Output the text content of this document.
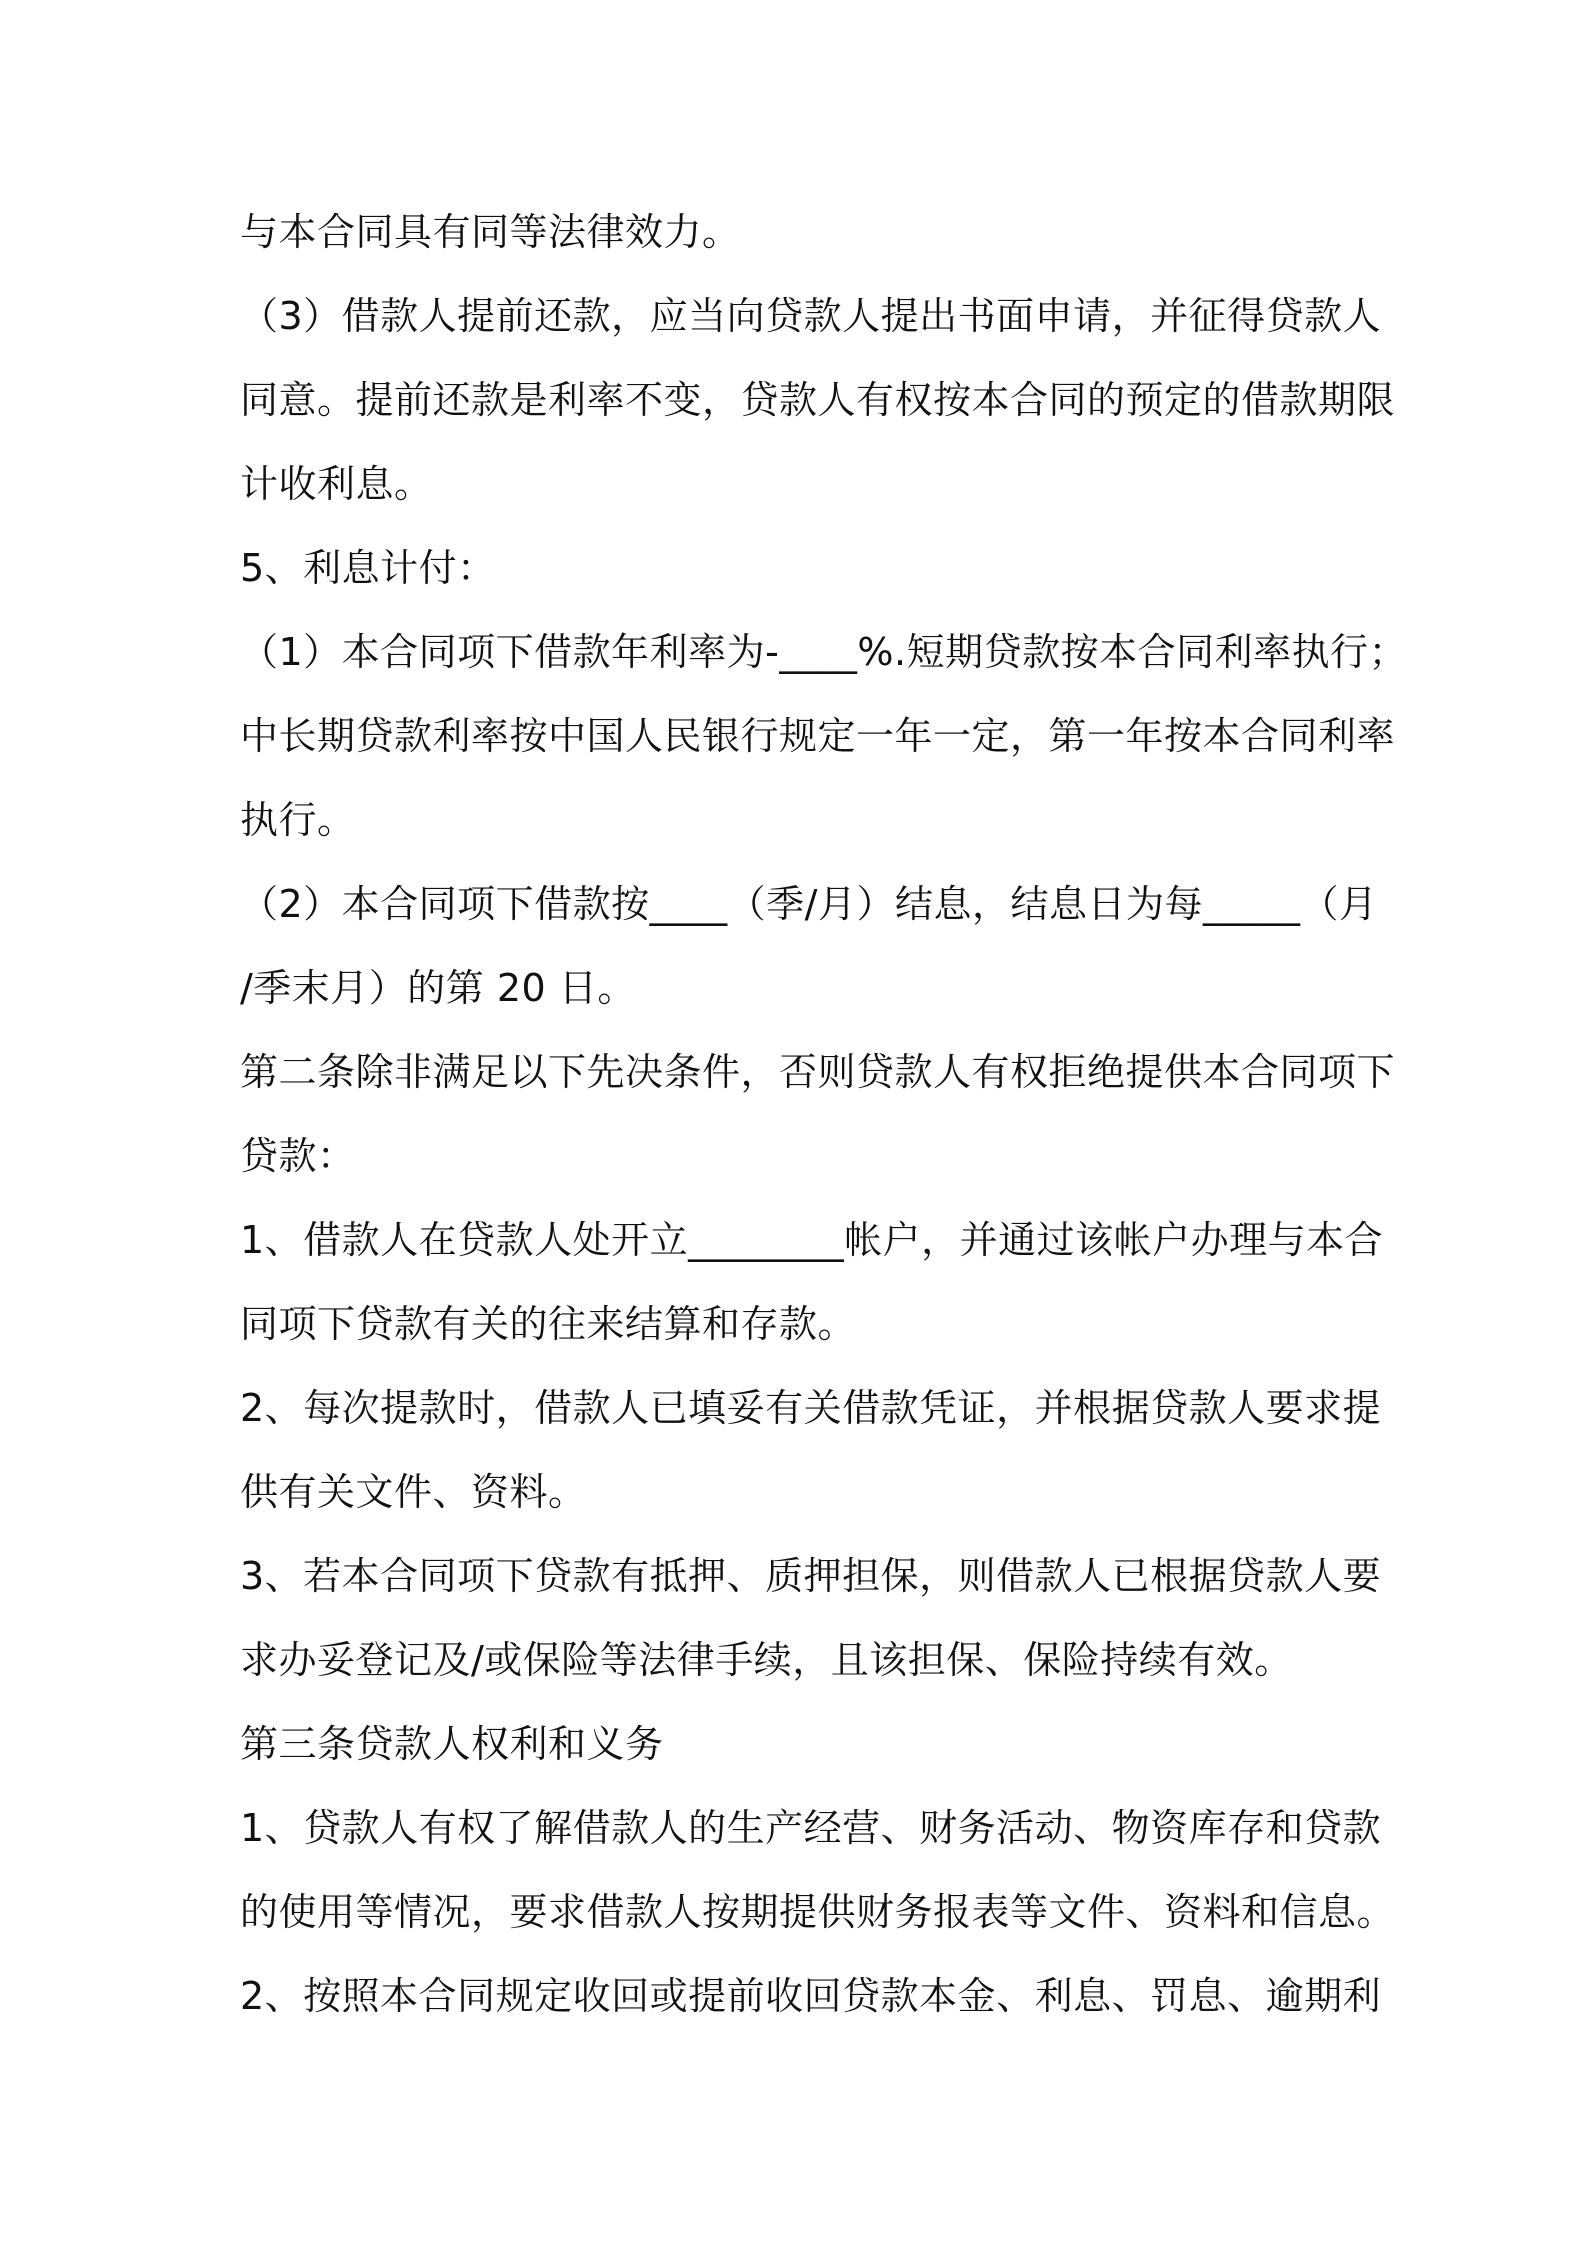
与本合同具有同等法律效力。
（3）借款人提前还款，应当向贷款人提出书面申请，并征得贷款人
同意。提前还款是利率不变，贷款人有权按本合同的预定的借款期限
计收利息。
5、利息计付：
（1）本合同项下借款年利率为-____%.短期贷款按本合同利率执行；
中长期贷款利率按中国人民银行规定一年一定，第一年按本合同利率
执行。
（2）本合同项下借款按____（季/月）结息，结息日为每_____（月
/季末月）的第 20 日。
第二条除非满足以下先决条件，否则贷款人有权拒绝提供本合同项下
贷款：
1、借款人在贷款人处开立________帐户，并通过该帐户办理与本合
同项下贷款有关的往来结算和存款。
2、每次提款时，借款人已填妥有关借款凭证，并根据贷款人要求提
供有关文件、资料。
3、若本合同项下贷款有抵押、质押担保，则借款人已根据贷款人要
求办妥登记及/或保险等法律手续，且该担保、保险持续有效。
第三条贷款人权利和义务
1、贷款人有权了解借款人的生产经营、财务活动、物资库存和贷款
的使用等情况，要求借款人按期提供财务报表等文件、资料和信息。
2、按照本合同规定收回或提前收回贷款本金、利息、罚息、逾期利
